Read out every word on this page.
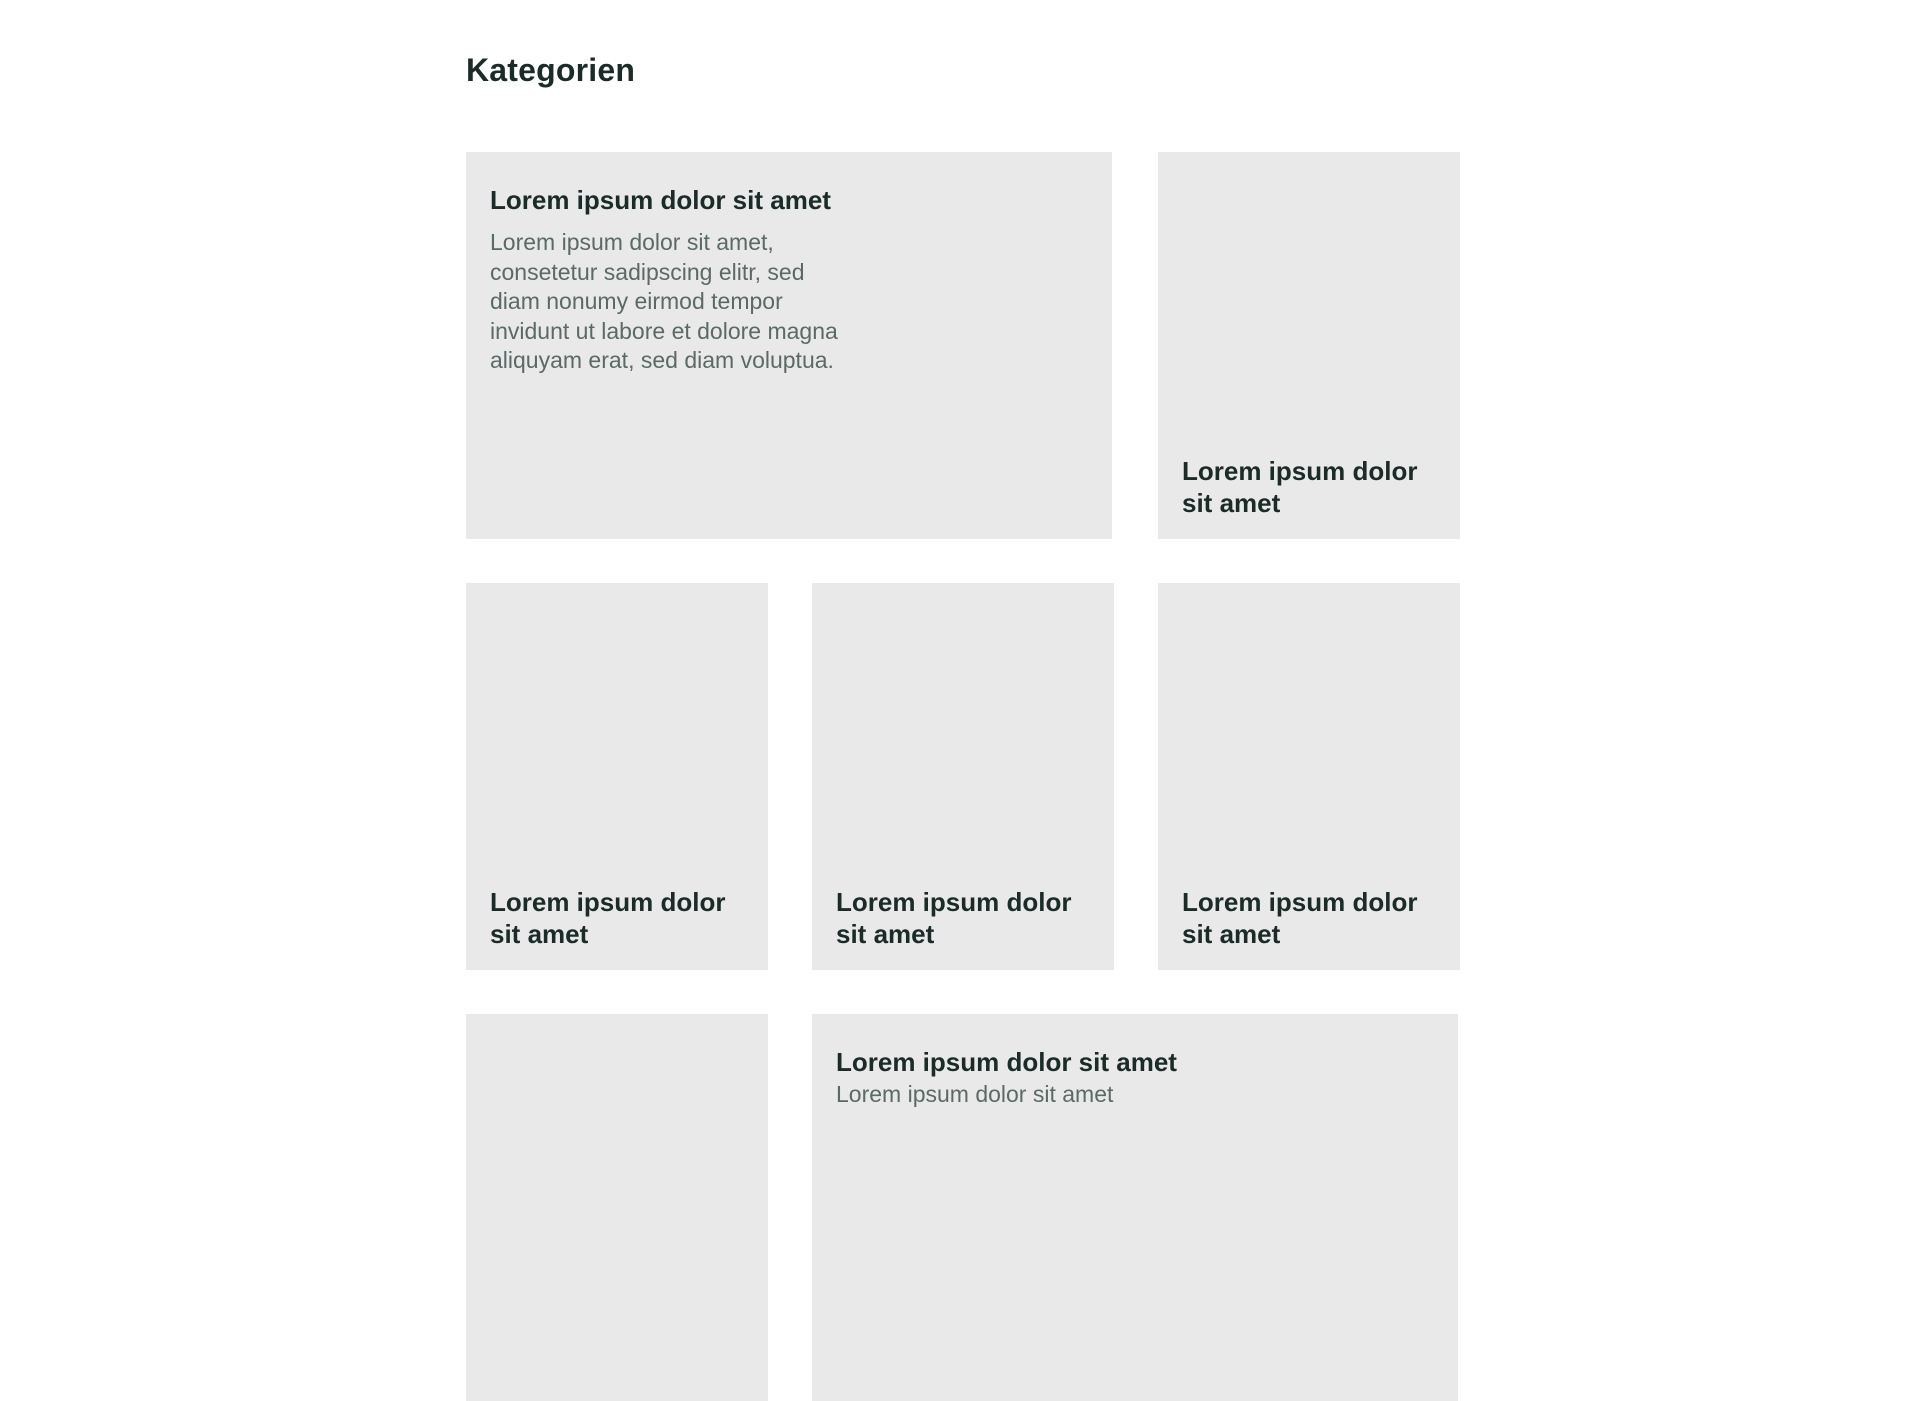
Kategorien
Lorem ipsum dolor sit amet

Lorem ipsum dolor sit amet, consetetur sadipscing elitr, sed diam nonumy eirmod tempor invidunt ut labore et dolore magna aliquyam erat, sed diam voluptua.

Lorem ipsum dolor sit amet
Lorem ipsum dolor sit amet
Lorem ipsum dolor sit amet
Lorem ipsum dolor sit amet
Lorem ipsum dolor sit amet

Lorem ipsum dolor sit amet
